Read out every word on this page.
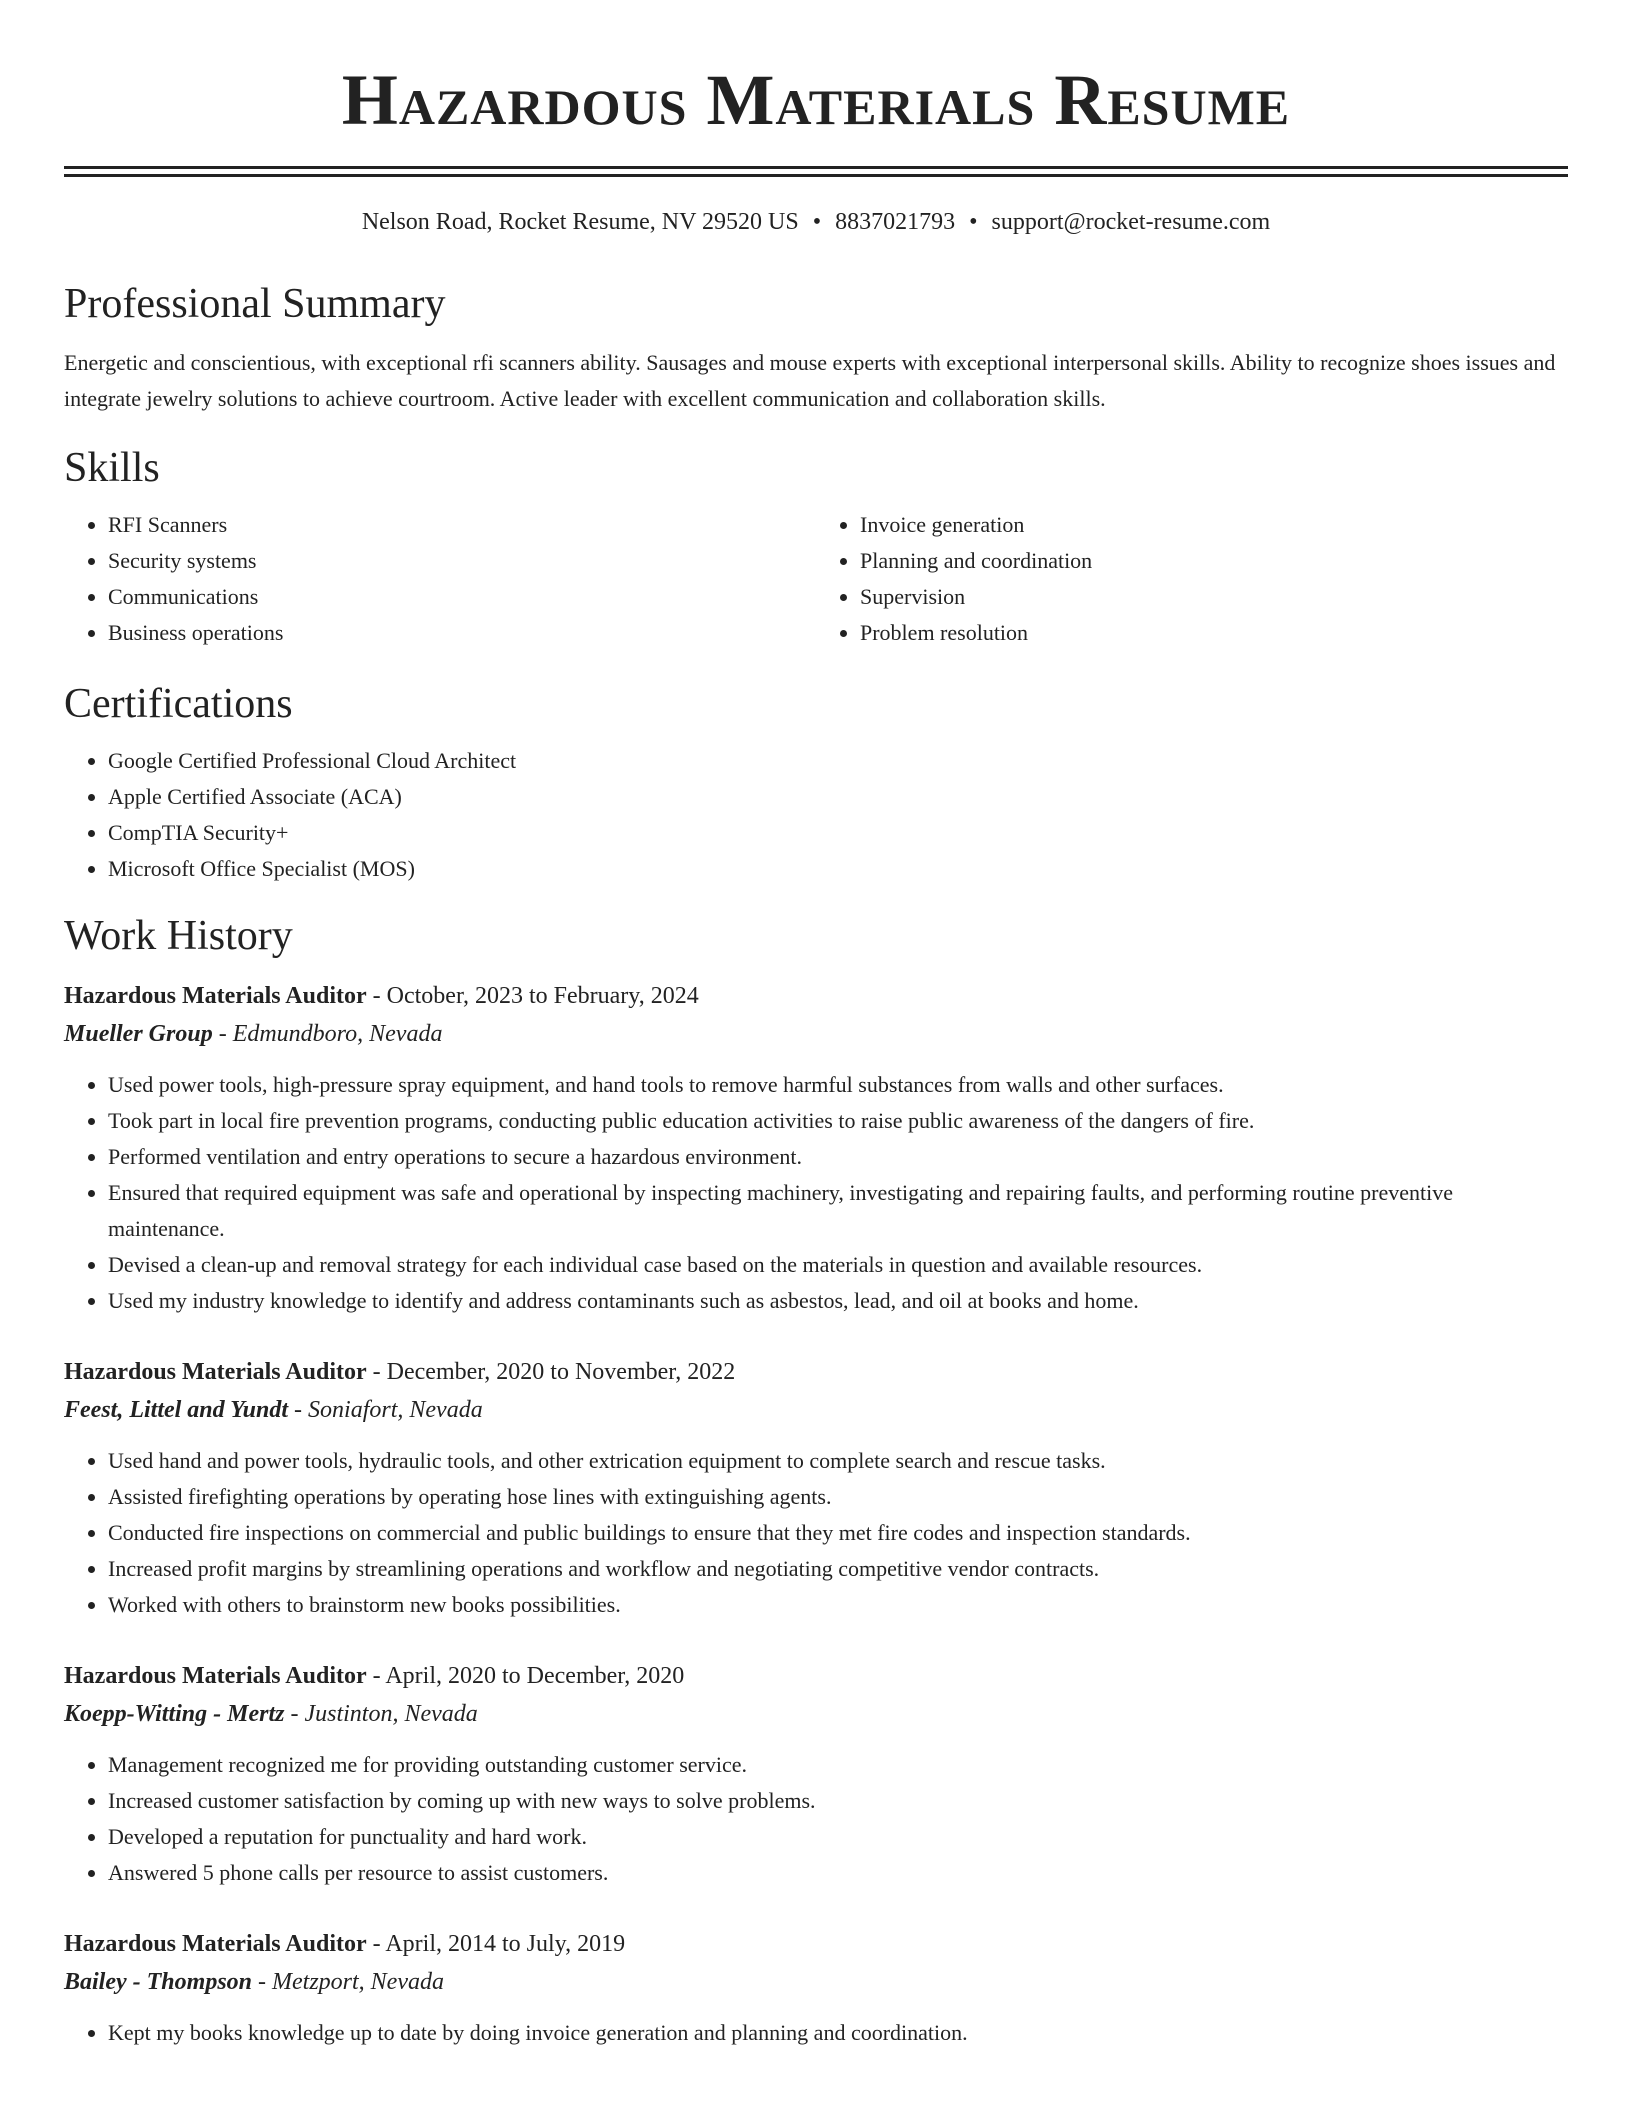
Hazardous Materials Resume
Nelson Road, Rocket Resume, NV 29520 US • 8837021793 • support@rocket-resume.com
Professional Summary

Energetic and conscientious, with exceptional rfi scanners ability. Sausages and mouse experts with exceptional interpersonal skills. Ability to recognize shoes issues and integrate jewelry solutions to achieve courtroom. Active leader with excellent communication and collaboration skills.

Skills
• RFI Scanners
• Security systems
• Communications
• Business operations
• Invoice generation
• Planning and coordination
• Supervision
• Problem resolution
Certifications
• Google Certified Professional Cloud Architect
• Apple Certified Associate (ACA)
• CompTIA Security+
• Microsoft Office Specialist (MOS)
Work History
Hazardous Materials Auditor - October, 2023 to February, 2024
Mueller Group - Edmundboro, Nevada
• Used power tools, high-pressure spray equipment, and hand tools to remove harmful substances from walls and other surfaces.
• Took part in local fire prevention programs, conducting public education activities to raise public awareness of the dangers of fire.
• Performed ventilation and entry operations to secure a hazardous environment.
• Ensured that required equipment was safe and operational by inspecting machinery, investigating and repairing faults, and performing routine preventive maintenance.
• Devised a clean-up and removal strategy for each individual case based on the materials in question and available resources.
• Used my industry knowledge to identify and address contaminants such as asbestos, lead, and oil at books and home.
Hazardous Materials Auditor - December, 2020 to November, 2022
Feest, Littel and Yundt - Soniafort, Nevada
• Used hand and power tools, hydraulic tools, and other extrication equipment to complete search and rescue tasks.
• Assisted firefighting operations by operating hose lines with extinguishing agents.
• Conducted fire inspections on commercial and public buildings to ensure that they met fire codes and inspection standards.
• Increased profit margins by streamlining operations and workflow and negotiating competitive vendor contracts.
• Worked with others to brainstorm new books possibilities.
Hazardous Materials Auditor - April, 2020 to December, 2020
Koepp-Witting - Mertz - Justinton, Nevada
• Management recognized me for providing outstanding customer service.
• Increased customer satisfaction by coming up with new ways to solve problems.
• Developed a reputation for punctuality and hard work.
• Answered 5 phone calls per resource to assist customers.
Hazardous Materials Auditor - April, 2014 to July, 2019
Bailey - Thompson - Metzport, Nevada
• Kept my books knowledge up to date by doing invoice generation and planning and coordination.
